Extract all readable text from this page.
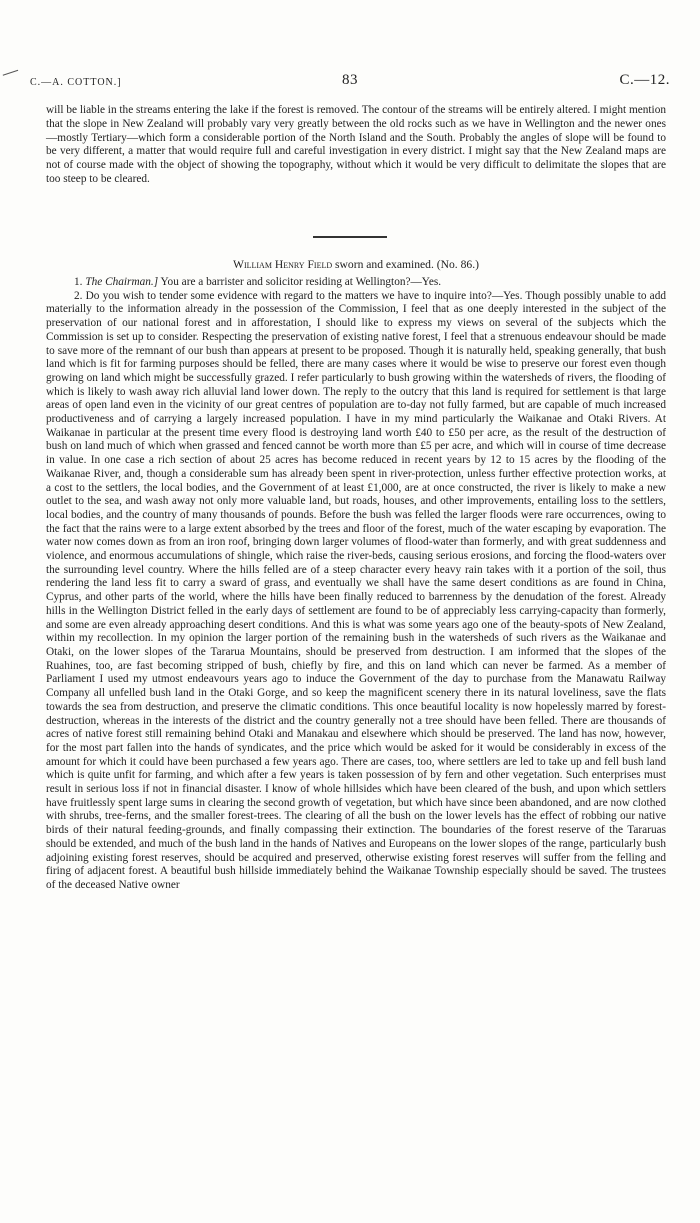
C.—A. COTTON.]	83	C.—12.

will be liable in the streams entering the lake if the forest is removed. The contour of the streams will be entirely altered. I might mention that the slope in New Zealand will probably vary very greatly between the old rocks such as we have in Wellington and the newer ones—mostly Tertiary—which form a considerable portion of the North Island and the South. Probably the angles of slope will be found to be very different, a matter that would require full and careful investigation in every district. I might say that the New Zealand maps are not of course made with the object of showing the topography, without which it would be very difficult to delimitate the slopes that are too steep to be cleared.

William Henry Field sworn and examined. (No. 86.)

1. The Chairman.] You are a barrister and solicitor residing at Wellington?—Yes.

2. Do you wish to tender some evidence with regard to the matters we have to inquire into?—Yes. Though possibly unable to add materially to the information already in the possession of the Commission, I feel that as one deeply interested in the subject of the preservation of our national forest and in afforestation, I should like to express my views on several of the subjects which the Commission is set up to consider. Respecting the preservation of existing native forest, I feel that a strenuous endeavour should be made to save more of the remnant of our bush than appears at present to be proposed. Though it is naturally held, speaking generally, that bush land which is fit for farming purposes should be felled, there are many cases where it would be wise to preserve our forest even though growing on land which might be successfully grazed. I refer particularly to bush growing within the watersheds of rivers, the flooding of which is likely to wash away rich alluvial land lower down. The reply to the outcry that this land is required for settlement is that large areas of open land even in the vicinity of our great centres of population are to-day not fully farmed, but are capable of much increased productiveness and of carrying a largely increased population. I have in my mind particularly the Waikanae and Otaki Rivers. At Waikanae in particular at the present time every flood is destroying land worth £40 to £50 per acre, as the result of the destruction of bush on land much of which when grassed and fenced cannot be worth more than £5 per acre, and which will in course of time decrease in value. In one case a rich section of about 25 acres has become reduced in recent years by 12 to 15 acres by the flooding of the Waikanae River, and, though a considerable sum has already been spent in river-protection, unless further effective protection works, at a cost to the settlers, the local bodies, and the Government of at least £1,000, are at once constructed, the river is likely to make a new outlet to the sea, and wash away not only more valuable land, but roads, houses, and other improvements, entailing loss to the settlers, local bodies, and the country of many thousands of pounds. Before the bush was felled the larger floods were rare occurrences, owing to the fact that the rains were to a large extent absorbed by the trees and floor of the forest, much of the water escaping by evaporation. The water now comes down as from an iron roof, bringing down larger volumes of flood-water than formerly, and with great suddenness and violence, and enormous accumulations of shingle, which raise the river-beds, causing serious erosions, and forcing the flood-waters over the surrounding level country. Where the hills felled are of a steep character every heavy rain takes with it a portion of the soil, thus rendering the land less fit to carry a sward of grass, and eventually we shall have the same desert conditions as are found in China, Cyprus, and other parts of the world, where the hills have been finally reduced to barrenness by the denudation of the forest. Already hills in the Wellington District felled in the early days of settlement are found to be of appreciably less carrying-capacity than formerly, and some are even already approaching desert conditions. And this is what was some years ago one of the beauty-spots of New Zealand, within my recollection. In my opinion the larger portion of the remaining bush in the watersheds of such rivers as the Waikanae and Otaki, on the lower slopes of the Tararua Mountains, should be preserved from destruction. I am informed that the slopes of the Ruahines, too, are fast becoming stripped of bush, chiefly by fire, and this on land which can never be farmed. As a member of Parliament I used my utmost endeavours years ago to induce the Government of the day to purchase from the Manawatu Railway Company all unfelled bush land in the Otaki Gorge, and so keep the magnificent scenery there in its natural loveliness, save the flats towards the sea from destruction, and preserve the climatic conditions. This once beautiful locality is now hopelessly marred by forest-destruction, whereas in the interests of the district and the country generally not a tree should have been felled. There are thousands of acres of native forest still remaining behind Otaki and Manakau and elsewhere which should be preserved. The land has now, however, for the most part fallen into the hands of syndicates, and the price which would be asked for it would be considerably in excess of the amount for which it could have been purchased a few years ago. There are cases, too, where settlers are led to take up and fell bush land which is quite unfit for farming, and which after a few years is taken possession of by fern and other vegetation. Such enterprises must result in serious loss if not in financial disaster. I know of whole hillsides which have been cleared of the bush, and upon which settlers have fruitlessly spent large sums in clearing the second growth of vegetation, but which have since been abandoned, and are now clothed with shrubs, tree-ferns, and the smaller forest-trees. The clearing of all the bush on the lower levels has the effect of robbing our native birds of their natural feeding-grounds, and finally compassing their extinction. The boundaries of the forest reserve of the Tararuas should be extended, and much of the bush land in the hands of Natives and Europeans on the lower slopes of the range, particularly bush adjoining existing forest reserves, should be acquired and preserved, otherwise existing forest reserves will suffer from the felling and firing of adjacent forest. A beautiful bush hillside immediately behind the Waikanae Township especially should be saved. The trustees of the deceased Native owner
